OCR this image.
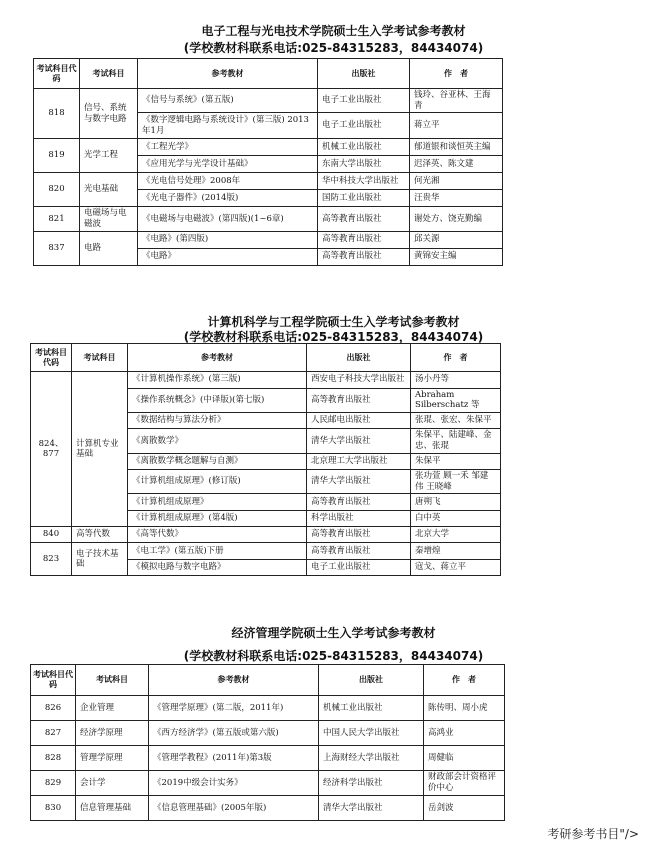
电子工程与光电技术学院硕士生入学考试参考教材
(学校教材科联系电话:025-84315283，84434074)
考试科目代码	考试科目	参考教材	出版社	作　者
818	信号、系统与数字电路	《信号与系统》(第五版)	电子工业出版社	钱玲、谷亚林、王海青
		《数字逻辑电路与系统设计》(第三版) 2013年1月	电子工业出版社	蒋立平
819	光学工程	《工程光学》	机械工业出版社	郁道银和谈恒英主编
		《应用光学与光学设计基础》	东南大学出版社	迟泽英、陈文建
820	光电基础	《光电信号处理》2008年	华中科技大学出版社	何光湘
		《光电子器件》(2014版)	国防工业出版社	汪贵华
821	电磁场与电磁波	《电磁场与电磁波》(第四版)(1~6章)	高等教育出版社	谢处方、饶克勤编
837	电路	《电路》(第四版)	高等教育出版社	邱关源
		《电路》	高等教育出版社	黄锦安主编
计算机科学与工程学院硕士生入学考试参考教材
(学校教材科联系电话:025-84315283，84434074)
考试科目代码	考试科目	参考教材	出版社	作　者
824、877	计算机专业基础	《计算机操作系统》(第三版)	西安电子科技大学出版社	汤小丹等
		《操作系统概念》(中译版)(第七版)	高等教育出版社	Abraham Silberschatz 等
		《数据结构与算法分析》	人民邮电出版社	张琨、张宏、朱保平
		《离散数学》	清华大学出版社	朱保平、陆建峰、金忠、张琨
		《离散数学概念题解与自测》	北京理工大学出版社	朱保平
		《计算机组成原理》(修订版)	清华大学出版社	张功萱 顾一禾 邹建伟 王晓峰
		《计算机组成原理》	高等教育出版社	唐朔飞
		《计算机组成原理》(第4版)	科学出版社	白中英
840	高等代数	《高等代数》	高等教育出版社	北京大学
823	电子技术基础	《电工学》(第五版)下册	高等教育出版社	秦增煌
		《模拟电路与数字电路》	电子工业出版社	寇戈、蒋立平
经济管理学院硕士生入学考试参考教材
(学校教材科联系电话:025-84315283，84434074)
考试科目代码	考试科目	参考教材	出版社	作　者
826	企业管理	《管理学原理》(第二版，2011年)	机械工业出版社	陈传明、周小虎
827	经济学原理	《西方经济学》(第五版或第六版)	中国人民大学出版社	高鸿业
828	管理学原理	《管理学教程》(2011年)第3版	上海财经大学出版社	周健临
829	会计学	《2019中级会计实务》	经济科学出版社	财政部会计资格评价中心
830	信息管理基础	《信息管理基础》(2005年版)	清华大学出版社	岳剑波
考研参考书目"/>
